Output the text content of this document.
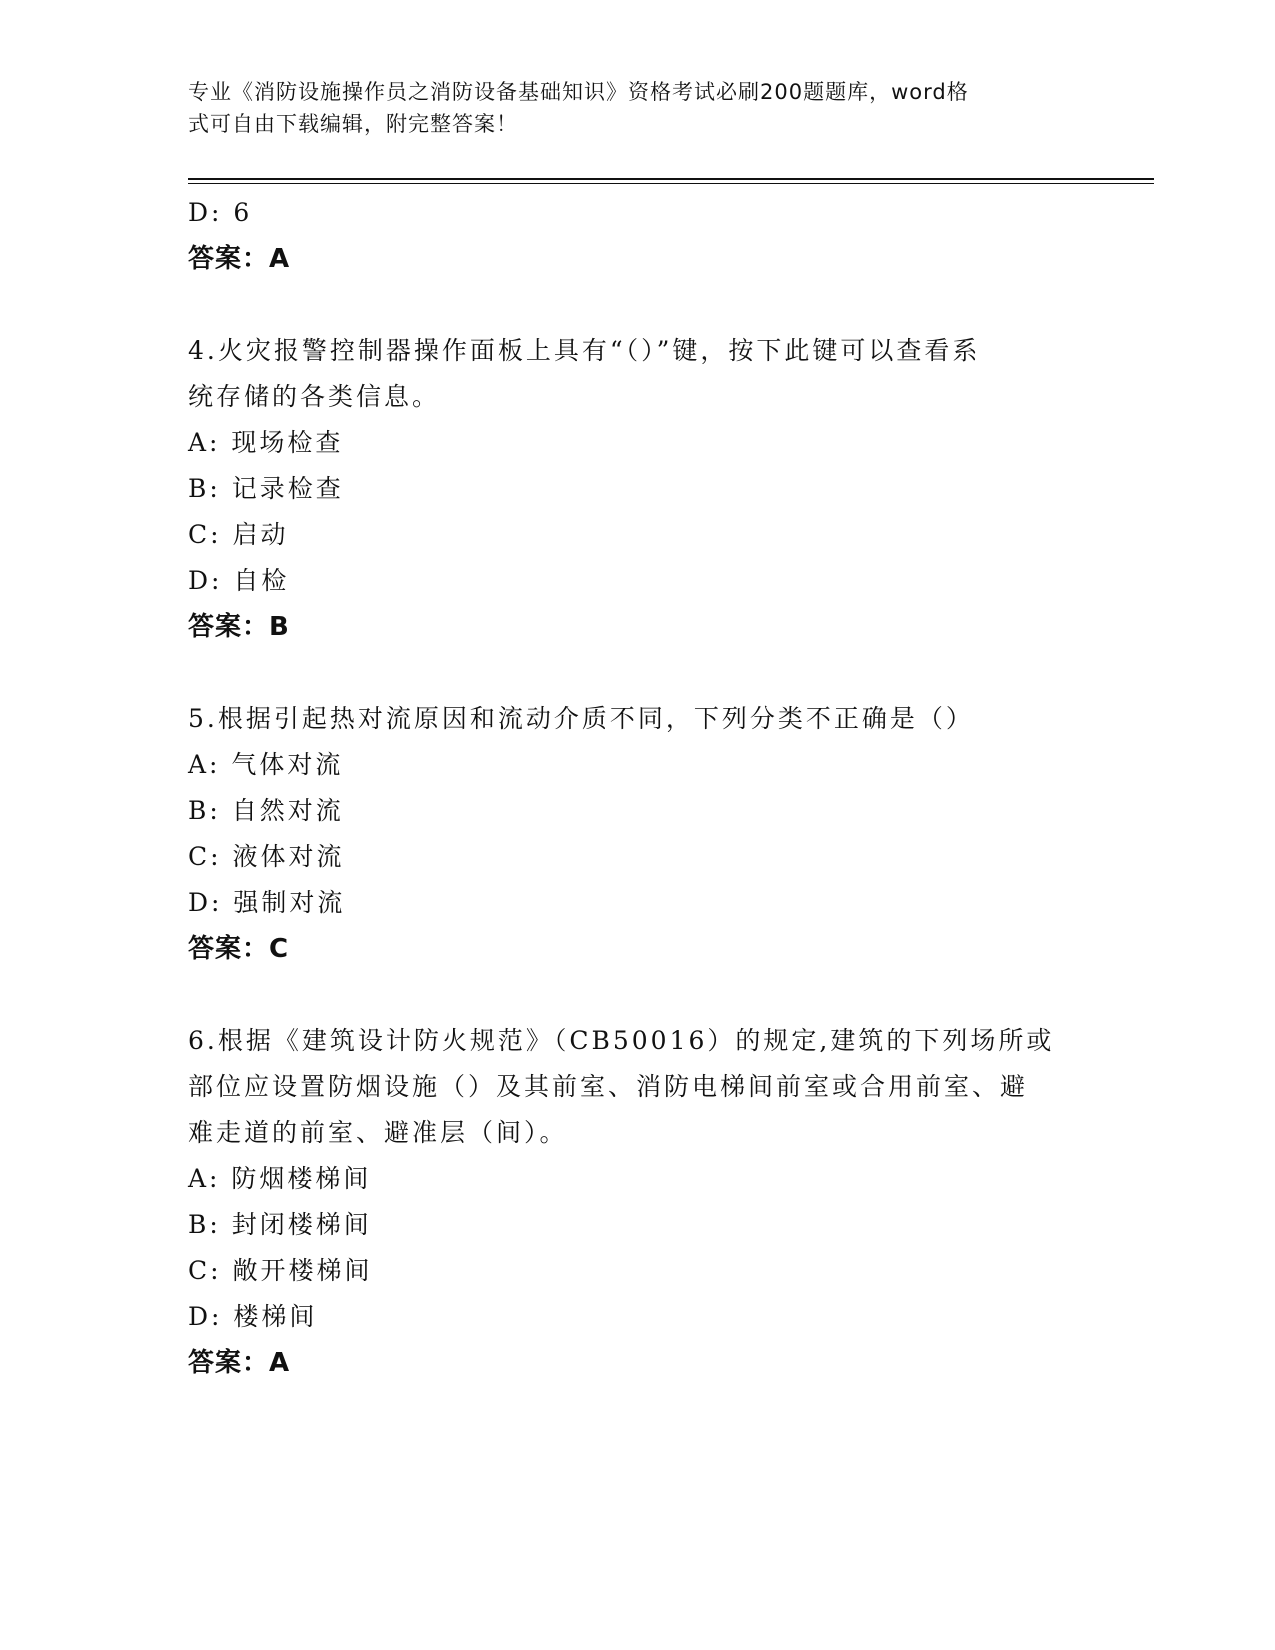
专业《消防设施操作员之消防设备基础知识》资格考试必刷200题题库，word格
式可自由下载编辑，附完整答案！
D: 6
答案：A
4.火灾报警控制器操作面板上具有“（）”键，按下此键可以查看系
统存储的各类信息。
A: 现场检查
B: 记录检查
C: 启动
D: 自检
答案：B
5.根据引起热对流原因和流动介质不同，下列分类不正确是（）
A: 气体对流
B: 自然对流
C: 液体对流
D: 强制对流
答案：C
6.根据《建筑设计防火规范》（CB50016）的规定,建筑的下列场所或
部位应设置防烟设施（）及其前室、消防电梯间前室或合用前室、避
难走道的前室、避准层（间）。
A: 防烟楼梯间
B: 封闭楼梯间
C: 敞开楼梯间
D: 楼梯间
答案：A
